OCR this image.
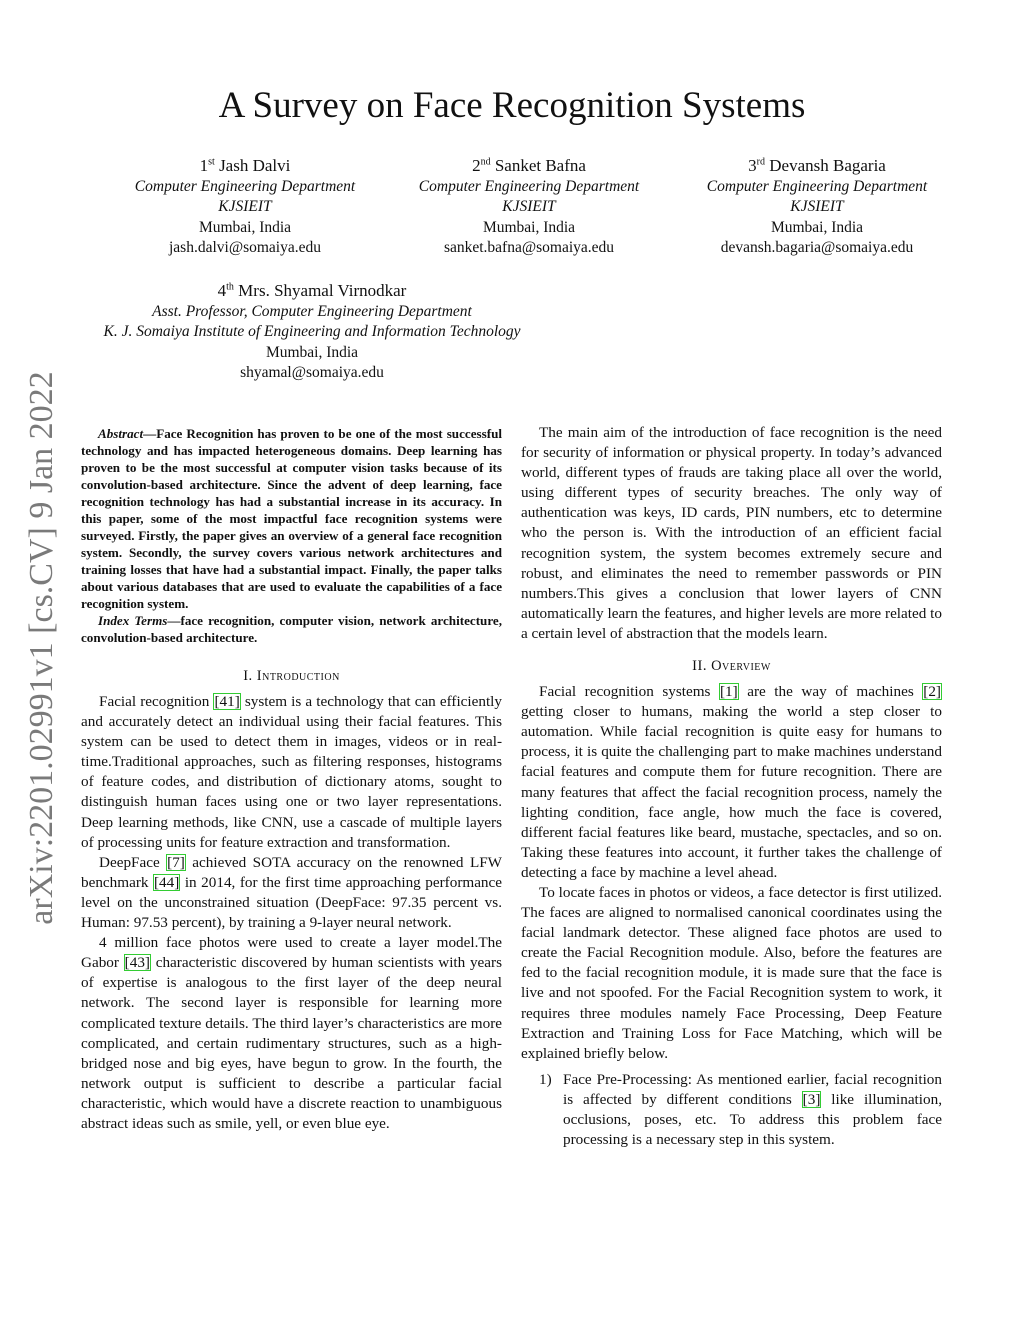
A Survey on Face Recognition Systems
1st Jash Dalvi
Computer Engineering Department
KJSIEIT
Mumbai, India
jash.dalvi@somaiya.edu
2nd Sanket Bafna
Computer Engineering Department
KJSIEIT
Mumbai, India
sanket.bafna@somaiya.edu
3rd Devansh Bagaria
Computer Engineering Department
KJSIEIT
Mumbai, India
devansh.bagaria@somaiya.edu
4th Mrs. Shyamal Virnodkar
Asst. Professor, Computer Engineering Department
K. J. Somaiya Institute of Engineering and Information Technology
Mumbai, India
shyamal@somaiya.edu
arXiv:2201.02991v1 [cs.CV] 9 Jan 2022	Abstract—Face Recognition has proven to be one of the most successful technology and has impacted heterogeneous domains. Deep learning has proven to be the most successful at computer vision tasks because of its convolution-based architecture. Since the advent of deep learning, face recognition technology has had a substantial increase in its accuracy. In this paper, some of the most impactful face recognition systems were surveyed. Firstly, the paper gives an overview of a general face recognition system. Secondly, the survey covers various network architectures and training losses that have had a substantial impact. Finally, the paper talks about various databases that are used to evaluate the capabilities of a face recognition system.

Index Terms—face recognition, computer vision, network architecture, convolution-based architecture.

I. Introduction

Facial recognition [41] system is a technology that can efficiently and accurately detect an individual using their facial features. This system can be used to detect them in images, videos or in real-time.Traditional approaches, such as filtering responses, histograms of feature codes, and distribution of dictionary atoms, sought to distinguish human faces using one or two layer representations. Deep learning methods, like CNN, use a cascade of multiple layers of processing units for feature extraction and transformation.

DeepFace [7] achieved SOTA accuracy on the renowned LFW benchmark [44] in 2014, for the first time approaching performance level on the unconstrained situation (DeepFace: 97.35 percent vs. Human: 97.53 percent), by training a 9-layer neural network.

4 million face photos were used to create a layer model.The Gabor [43] characteristic discovered by human scientists with years of expertise is analogous to the first layer of the deep neural network. The second layer is responsible for learning more complicated texture details. The third layer’s characteristics are more complicated, and certain rudimentary structures, such as a high-bridged nose and big eyes, have begun to grow. In the fourth, the network output is sufficient to describe a particular facial characteristic, which would have a discrete reaction to unambiguous abstract ideas such as smile, yell, or even blue eye.

The main aim of the introduction of face recognition is the need for security of information or physical property. In today’s advanced world, different types of frauds are taking place all over the world, using different types of security breaches. The only way of authentication was keys, ID cards, PIN numbers, etc to determine who the person is. With the introduction of an efficient facial recognition system, the system becomes extremely secure and robust, and eliminates the need to remember passwords or PIN numbers.This gives a conclusion that lower layers of CNN automatically learn the features, and higher levels are more related to a certain level of abstraction that the models learn.

II. Overview

Facial recognition systems [1] are the way of machines [2] getting closer to humans, making the world a step closer to automation. While facial recognition is quite easy for humans to process, it is quite the challenging part to make machines understand facial features and compute them for future recognition. There are many features that affect the facial recognition process, namely the lighting condition, face angle, how much the face is covered, different facial features like beard, mustache, spectacles, and so on. Taking these features into account, it further takes the challenge of detecting a face by machine a level ahead.

To locate faces in photos or videos, a face detector is first utilized. The faces are aligned to normalised canonical coordinates using the facial landmark detector. These aligned face photos are used to create the Facial Recognition module. Also, before the features are fed to the facial recognition module, it is made sure that the face is live and not spoofed. For the Facial Recognition system to work, it requires three modules namely Face Processing, Deep Feature Extraction and Training Loss for Face Matching, which will be explained briefly below.

1) Face Pre-Processing: As mentioned earlier, facial recognition is affected by different conditions [3] like illumination, occlusions, poses, etc. To address this problem face processing is a necessary step in this system.
